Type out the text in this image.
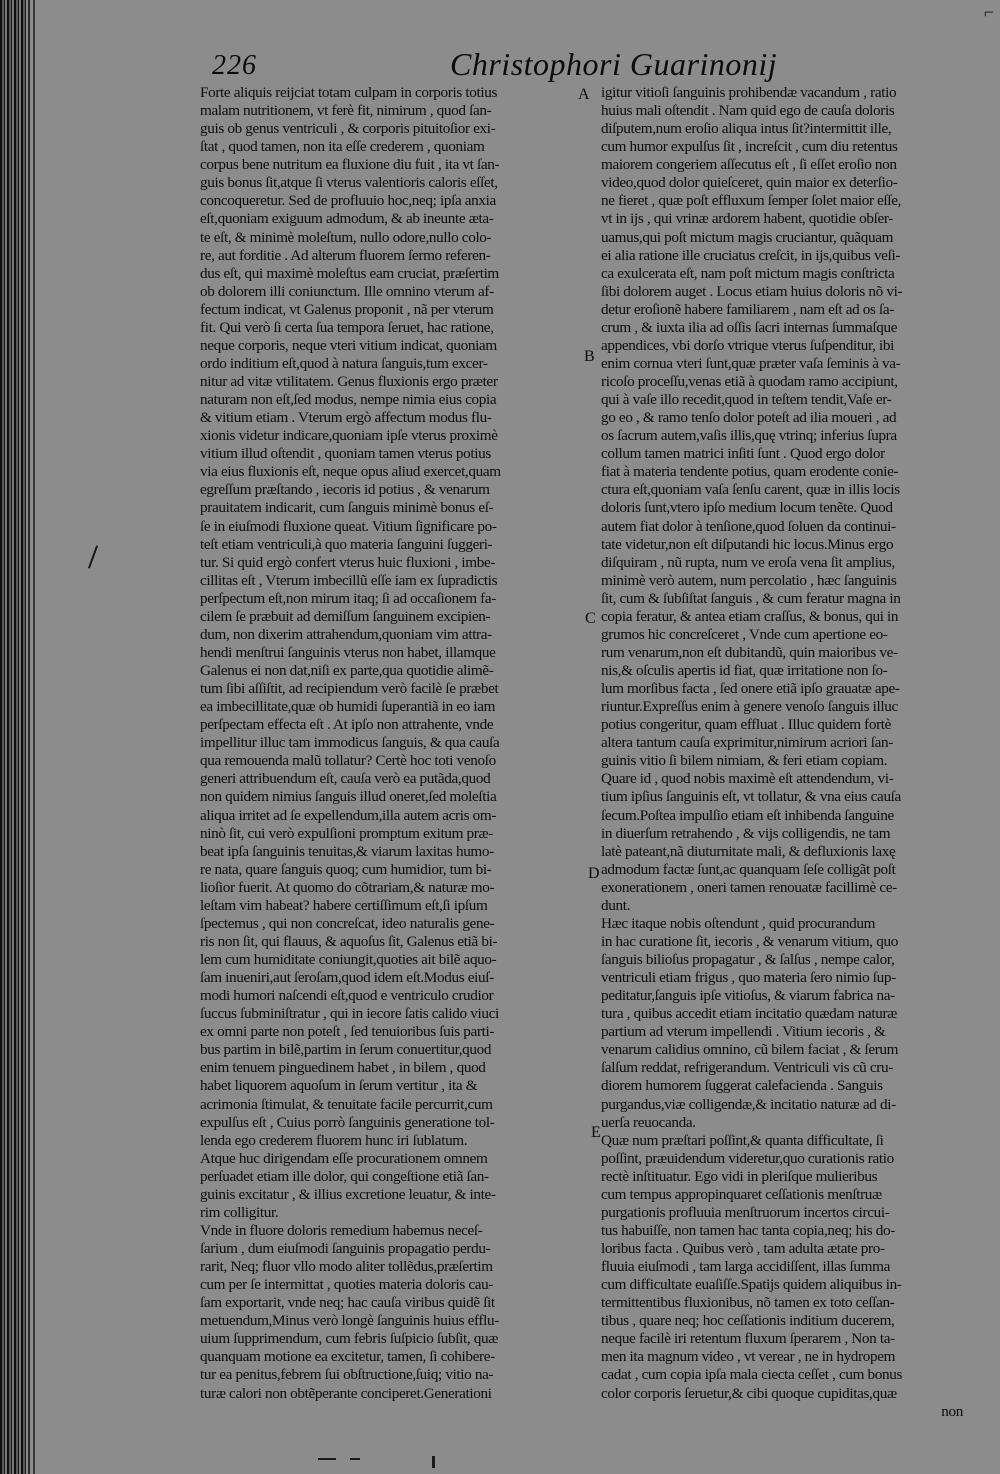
⌐
226	Christophori Guarinonij

Forte aliquis reijciat totam culpam in corporis totius

malam nutritionem, vt ferè fit, nimirum , quod ſan-

guis ob genus ventriculi , & corporis pituitoſior exi-

ſtat , quod tamen, non ita eſſe crederem , quoniam

corpus bene nutritum ea fluxione diu fuit , ita vt ſan-

guis bonus ſit,atque ſi vterus valentioris caloris eſſet,

concoqueretur. Sed de profluuio hoc,neq; ipſa anxia

eſt,quoniam exiguum admodum, & ab ineunte æta-

te eſt, & minimè moleſtum, nullo odore,nullo colo-

re, aut forditie . Ad alterum fluorem ſermo referen-

dus eſt, qui maximè moleſtus eam cruciat, præſertim

ob dolorem illi coniunctum. Ille omnino vterum af-

fectum indicat, vt Galenus proponit , nã per vterum

fit. Qui verò ſi certa ſua tempora ſeruet, hac ratione,

neque corporis, neque vteri vitium indicat, quoniam

ordo inditium eſt,quod à natura ſanguis,tum excer-

nitur ad vitæ vtilitatem. Genus fluxionis ergo præter

naturam non eſt,ſed modus, nempe nimia eius copia

& vitium etiam . Vterum ergò affectum modus flu-

xionis videtur indicare,quoniam ipſe vterus proximè

vitium illud oſtendit , quoniam tamen vterus potius

via eius fluxionis eſt, neque opus aliud exercet,quam

egreſſum præſtando , iecoris id potius , & venarum

prauitatem indicarit, cum ſanguis minimè bonus eſ-

ſe in eiuſmodi fluxione queat. Vitium ſignificare po-

teſt etiam ventriculi,à quo materia ſanguini ſuggeri-

tur. Si quid ergò confert vterus huic fluxioni , imbe-

cillitas eſt , Vterum imbecillũ eſſe iam ex ſupradictis

perſpectum eſt,non mirum itaq; ſi ad occaſionem fa-

cilem ſe præbuit ad demiſſum ſanguinem excipien-

dum, non dixerim attrahendum,quoniam vim attra-

hendi menſtrui ſanguinis vterus non habet, illamque

Galenus ei non dat,niſi ex parte,qua quotidie alimẽ-

tum ſibi aſſiſtit, ad recipiendum verò facilè ſe præbet

ea imbecillitate,quæ ob humidi ſuperantiã in eo iam

perſpectam effecta eſt . At ipſo non attrahente, vnde

impellitur illuc tam immodicus ſanguis, & qua cauſa

qua remouenda malũ tollatur? Certè hoc toti venoſo

generi attribuendum eſt, cauſa verò ea putãda,quod

non quidem nimius ſanguis illud oneret,ſed moleſtia

aliqua irritet ad ſe expellendum,illa autem acris om-

ninò ſit, cui verò expulſioni promptum exitum præ-

beat ipſa ſanguinis tenuitas,& viarum laxitas humo-

re nata, quare ſanguis quoq; cum humidior, tum bi-

lioſior fuerit. At quomo do cõtrariam,& naturæ mo-

leſtam vim habeat? habere certiſſimum eſt,ſi ipſum

ſpectemus , qui non concreſcat, ideo naturalis gene-

ris non ſit, qui flauus, & aquoſus ſit, Galenus etiã bi-

lem cum humiditate coniungit,quoties ait bilẽ aquo-

ſam inueniri,aut ſeroſam,quod idem eſt.Modus eiuſ-

modi humori naſcendi eſt,quod e ventriculo crudior

ſuccus ſubminiſtratur , qui in iecore ſatis calido viuci

ex omni parte non poteſt , ſed tenuioribus ſuis parti-

bus partim in bilẽ,partim in ſerum conuertitur,quod

enim tenuem pinguedinem habet , in bilem , quod

habet liquorem aquoſum in ſerum vertitur , ita &

acrimonia ſtimulat, & tenuitate facile percurrit,cum

expulſus eſt , Cuius porrò ſanguinis generatione tol-

lenda ego crederem fluorem hunc iri ſublatum.

Atque huc dirigendam eſſe procurationem omnem

perſuadet etiam ille dolor, qui congeſtione etiã ſan-

guinis excitatur , & illius excretione leuatur, & inte-

rim colligitur.

Vnde in fluore doloris remedium habemus neceſ-

ſarium , dum eiuſmodi ſanguinis propagatio perdu-

rarit, Neq; fluor vllo modo aliter tollẽdus,præſertim

cum per ſe intermittat , quoties materia doloris cau-

ſam exportarit, vnde neq; hac cauſa viribus quidẽ ſit

metuendum,Minus verò longè ſanguinis huius efflu-

uium ſupprimendum, cum febris ſuſpicio ſubſit, quæ

quanquam motione ea excitetur, tamen, ſi cohibere-

tur ea penitus,febrem ſui obſtructione,ſuiq; vitio na-

turæ calori non obtẽperante conciperet.Generationi

igitur vitioſi ſanguinis prohibendæ vacandum , ratio

huius mali oſtendit . Nam quid ego de cauſa doloris

diſputem,num eroſio aliqua intus ſit?intermittit ille,

cum humor expulſus ſit , increſcit , cum diu retentus

maiorem congeriem aſſecutus eſt , ſi eſſet eroſio non

video,quod dolor quieſceret, quin maior ex deterſio-

ne fieret , quæ poſt effluxum ſemper ſolet maior eſſe,

vt in ijs , qui vrinæ ardorem habent, quotidie obſer-

uamus,qui poſt mictum magis cruciantur, quãquam

ei alia ratione ille cruciatus creſcit, in ijs,quibus veſi-

ca exulcerata eſt, nam poſt mictum magis conſtricta

ſibi dolorem auget . Locus etiam huius doloris nõ vi-

detur eroſionẽ habere familiarem , nam eſt ad os ſa-

crum , & iuxta ilia ad oſſis ſacri internas ſummaſque

appendices, vbi dorſo vtrique vterus ſuſpenditur, ibi

enim cornua vteri ſunt,quæ præter vaſa ſeminis à va-

ricoſo proceſſu,venas etiã à quodam ramo accipiunt,

qui à vaſe illo recedit,quod in teſtem tendit,Vaſe er-

go eo , & ramo tenſo dolor poteſt ad ilia moueri , ad

os ſacrum autem,vaſis illis,quę vtrinq; inferius ſupra

collum tamen matrici inſiti ſunt . Quod ergo dolor

fiat à materia tendente potius, quam erodente conie-

ctura eſt,quoniam vaſa ſenſu carent, quæ in illis locis

doloris ſunt,vtero ipſo medium locum tenẽte. Quod

autem fiat dolor à tenſione,quod ſoluen da continui-

tate videtur,non eſt diſputandi hic locus.Minus ergo

diſquiram , nũ rupta, num ve eroſa vena ſit amplius,

minimè verò autem, num percolatio , hæc ſanguinis

ſit, cum & ſubſiſtat ſanguis , & cum feratur magna in

copia feratur, & antea etiam craſſus, & bonus, qui in

grumos hic concreſceret , Vnde cum apertione eo-

rum venarum,non eſt dubitandũ, quin maioribus ve-

nis,& oſculis apertis id fiat, quæ irritatione non ſo-

lum morſibus facta , ſed onere etiã ipſo grauatæ ape-

riuntur.Expreſſus enim à genere venoſo ſanguis illuc

potius congeritur, quam effluat . Illuc quidem fortè

altera tantum cauſa exprimitur,nimirum acriori ſan-

guinis vitio ſi bilem nimiam, & feri etiam copiam.

Quare id , quod nobis maximè eſt attendendum, vi-

tium ipſius ſanguinis eſt, vt tollatur, & vna eius cauſa

ſecum.Poſtea impulſio etiam eſt inhibenda ſanguine

in diuerſum retrahendo , & vijs colligendis, ne tam

latè pateant,nã diuturnitate mali, & defluxionis laxę

admodum factæ ſunt,ac quanquam ſeſe colligãt poſt

exonerationem , oneri tamen renouatæ facillimè ce-

dunt.

Hæc itaque nobis oſtendunt , quid procurandum

in hac curatione ſit, iecoris , & venarum vitium, quo

ſanguis bilioſus propagatur , & ſalſus , nempe calor,

ventriculi etiam frigus , quo materia ſero nimio ſup-

peditatur,ſanguis ipſe vitioſus, & viarum fabrica na-

tura , quibus accedit etiam incitatio quædam naturæ

partium ad vterum impellendi . Vitium iecoris , &

venarum calidius omnino, cũ bilem faciat , & ſerum

ſalſum reddat, refrigerandum. Ventriculi vis cũ cru-

diorem humorem ſuggerat calefacienda . Sanguis

purgandus,viæ colligendæ,& incitatio naturæ ad di-

uerſa reuocanda.

Quæ num præſtari poſſint,& quanta difficultate, ſi

poſſint, præuidendum videretur,quo curationis ratio

rectè inſtituatur. Ego vidi in pleriſque mulieribus

cum tempus appropinquaret ceſſationis menſtruæ

purgationis profluuia menſtruorum incertos circui-

tus habuiſſe, non tamen hac tanta copia,neq; his do-

loribus facta . Quibus verò , tam adulta ætate pro-

fluuia eiuſmodi , tam larga accidiſſent, illas ſumma

cum difficultate euaſiſſe.Spatijs quidem aliquibus in-

termittentibus fluxionibus, nõ tamen ex toto ceſſan-

tibus , quare neq; hoc ceſſationis inditium ducerem,

neque facilè iri retentum fluxum ſperarem , Non ta-

men ita magnum video , vt verear , ne in hydropem

cadat , cum copia ipſa mala ciecta ceſſet , cum bonus

color corporis ſeruetur,& cibi quoque cupiditas,quæ

non
A
B
C
D
E
